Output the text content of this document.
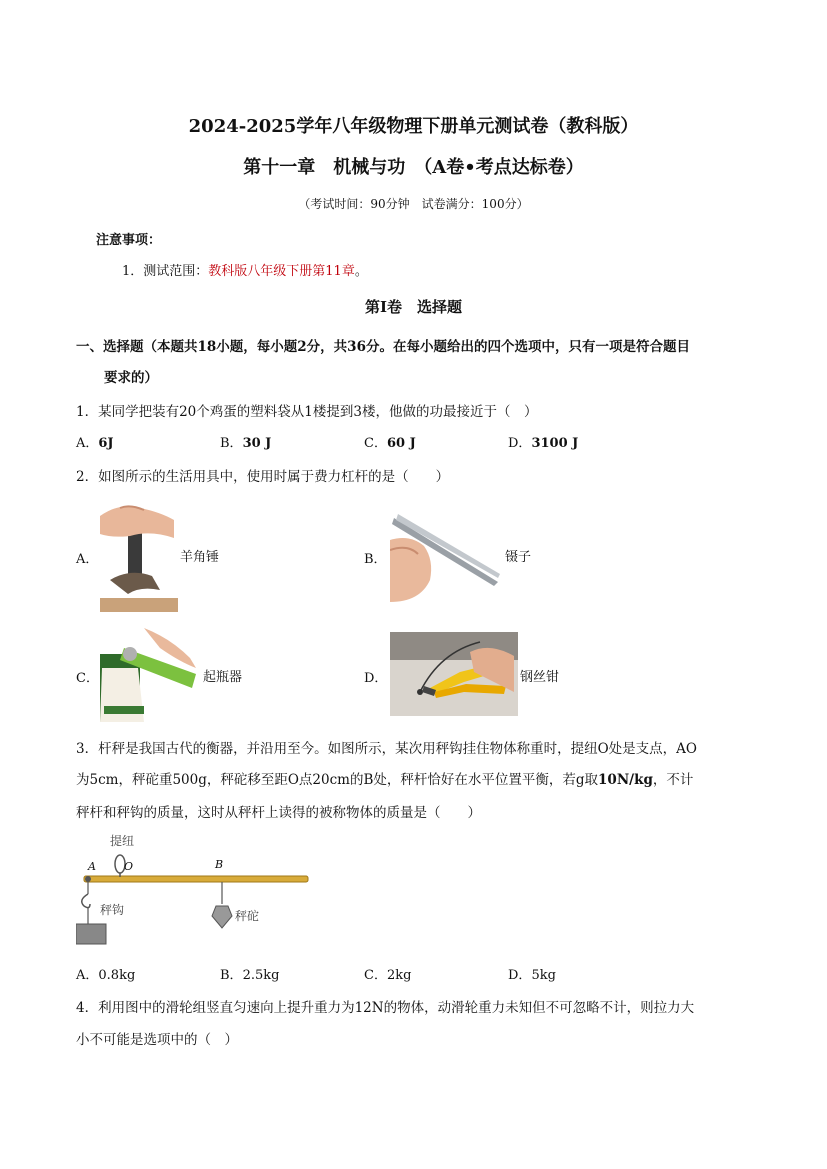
2024-2025学年八年级物理下册单元测试卷（教科版）
第十一章　机械与功　（A卷•考点达标卷）
（考试时间：90分钟　试卷满分：100分）
注意事项：
1．测试范围：教科版八年级下册第11章。
第Ⅰ卷　选择题
一、选择题（本题共18小题，每小题2分，共36分。在每小题给出的四个选项中，只有一项是符合题目
要求的）
1．某同学把装有20个鸡蛋的塑料袋从1楼提到3楼，他做的功最接近于（　）
A．6J	B．30 J	C．60 J	D．3100 J
2．如图所示的生活用具中，使用时属于费力杠杆的是（　　）
A．	羊角锤	B．	镊子
C．	起瓶器	D．	钢丝钳
3．杆秤是我国古代的衡器，并沿用至今。如图所示，某次用秤钩挂住物体称重时，提纽O处是支点，AO
为5cm，秤砣重500g，秤砣移至距O点20cm的B处，秤杆恰好在水平位置平衡，若g取10N/kg，不计
秤杆和秤钩的质量，这时从秤杆上读得的被称物体的质量是（　　）
提纽
A	O	B
秤钩	秤砣
A．0.8kg	B．2.5kg	C．2kg	D．5kg
4．利用图中的滑轮组竖直匀速向上提升重力为12N的物体，动滑轮重力未知但不可忽略不计，则拉力大
小不可能是选项中的（　）
